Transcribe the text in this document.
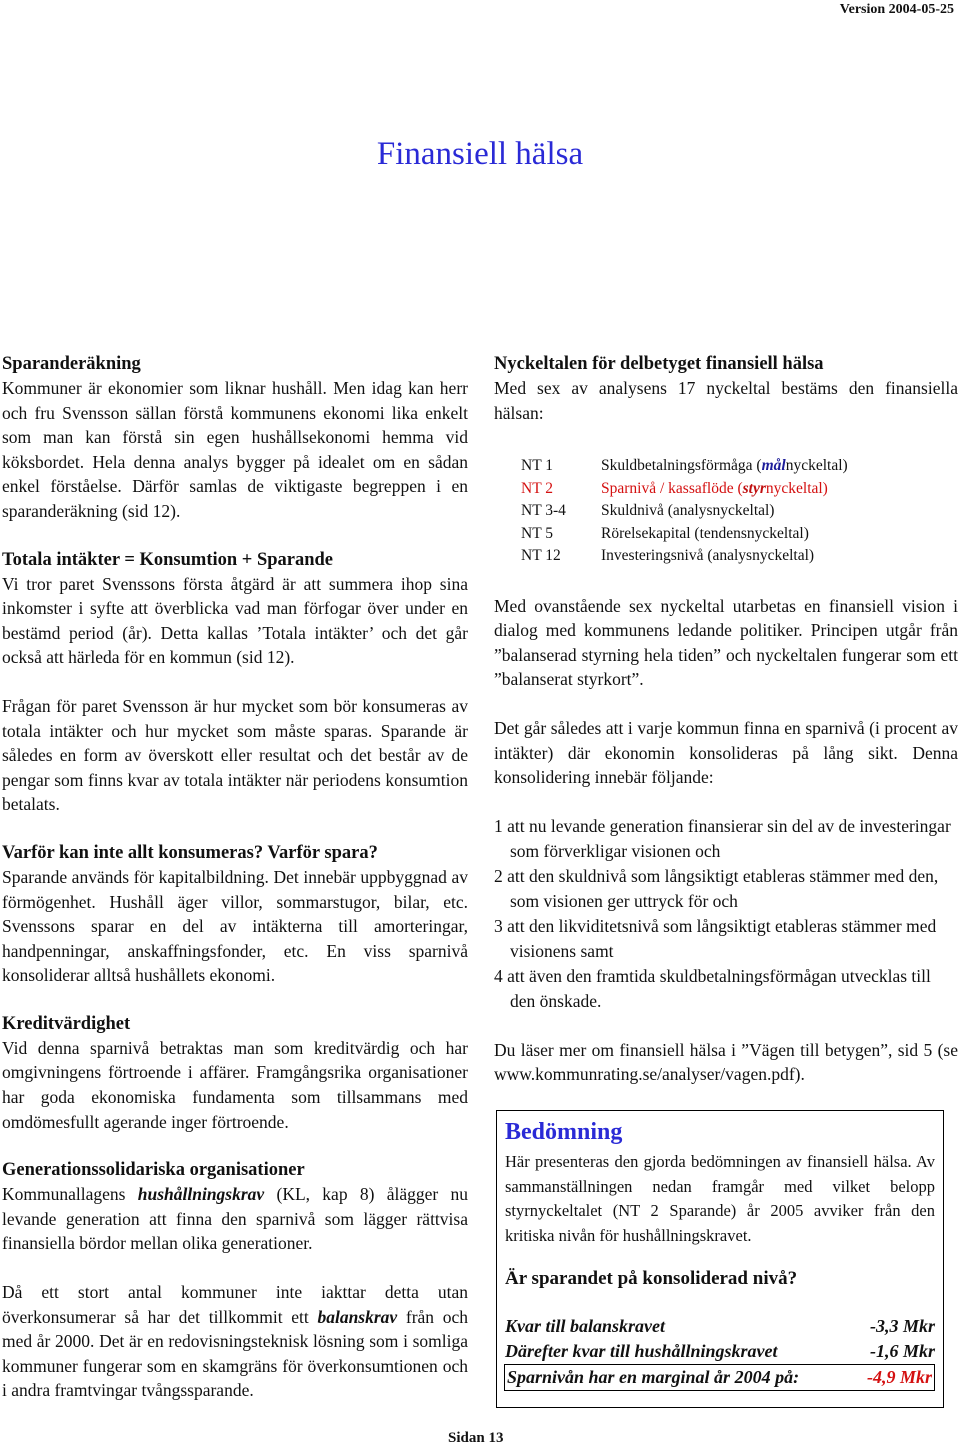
Version 2004-05-25
Finansiell hälsa
Sparanderäkning

Kommuner är ekonomier som liknar hushåll. Men idag kan herr och fru Svensson sällan förstå kommunens ekonomi lika enkelt som man kan förstå sin egen hushållsekonomi hemma vid köksbordet. Hela denna analys bygger på idealet om en sådan enkel förståelse. Därför samlas de viktigaste begreppen i en sparanderäkning (sid 12).

Totala intäkter = Konsumtion + Sparande

Vi tror paret Svenssons första åtgärd är att summera ihop sina inkomster i syfte att överblicka vad man förfogar över under en bestämd period (år). Detta kallas ’Totala intäkter’ och det går också att härleda för en kommun (sid 12).

Frågan för paret Svensson är hur mycket som bör konsumeras av totala intäkter och hur mycket som måste sparas. Sparande är således en form av överskott eller resultat och det består av de pengar som finns kvar av totala intäkter när periodens konsumtion betalats.

Varför kan inte allt konsumeras? Varför spara?

Sparande används för kapitalbildning. Det innebär uppbyggnad av förmögenhet. Hushåll äger villor, sommarstugor, bilar, etc. Svenssons sparar en del av intäkterna till amorteringar, handpenningar, anskaffningsfonder, etc. En viss sparnivå konsoliderar alltså hushållets ekonomi.

Kreditvärdighet

Vid denna sparnivå betraktas man som kreditvärdig och har omgivningens förtroende i affärer. Framgångsrika organisationer har goda ekonomiska fundamenta som tillsammans med omdömesfullt agerande inger förtroende.

Generationssolidariska organisationer

Kommunallagens hushållningskrav (KL, kap 8) ålägger nu levande generation att finna den sparnivå som lägger rättvisa finansiella bördor mellan olika generationer.

Då ett stort antal kommuner inte iakttar detta utan överkonsumerar så har det tillkommit ett balanskrav från och med år 2000. Det är en redovisningsteknisk lösning som i somliga kommuner fungerar som en skamgräns för överkonsumtionen och i andra framtvingar tvångssparande.

Nyckeltalen för delbetyget finansiell hälsa

Med sex av analysens 17 nyckeltal bestäms den finansiella hälsan:

NT 1	Skuldbetalningsförmåga (målnyckeltal)
NT 2	Sparnivå / kassaflöde (styrnyckeltal)
NT 3-4	Skuldnivå (analysnyckeltal)
NT 5	Rörelsekapital (tendensnyckeltal)
NT 12	Investeringsnivå (analysnyckeltal)

Med ovanstående sex nyckeltal utarbetas en finansiell vision i dialog med kommunens ledande politiker. Principen utgår från ”balanserad styrning hela tiden” och nyckeltalen fungerar som ett ”balanserat styrkort”.

Det går således att i varje kommun finna en sparnivå (i procent av intäkter) där ekonomin konsolideras på lång sikt. Denna konsolidering innebär följande:

1 att nu levande generation finansierar sin del av de investeringar som förverkligar visionen och
2 att den skuldnivå som långsiktigt etableras stämmer med den, som visionen ger uttryck för och
3 att den likviditetsnivå som långsiktigt etableras stämmer med visionens samt
4 att även den framtida skuldbetalningsförmågan utvecklas till den önskade.

Du läser mer om finansiell hälsa i ”Vägen till betygen”, sid 5 (se www.kommunrating.se/analyser/vagen.pdf).

Bedömning

Här presenteras den gjorda bedömningen av finansiell hälsa. Av sammanställningen nedan framgår med vilket belopp styrnyckeltalet (NT 2 Sparande) år 2005 avviker från den kritiska nivån för hushållningskravet.

Är sparandet på konsoliderad nivå?
Kvar till balanskravet	-3,3 Mkr
Därefter kvar till hushållningskravet	-1,6 Mkr
Sparnivån har en marginal år 2004 på:	-4,9 Mkr
Sidan 13
